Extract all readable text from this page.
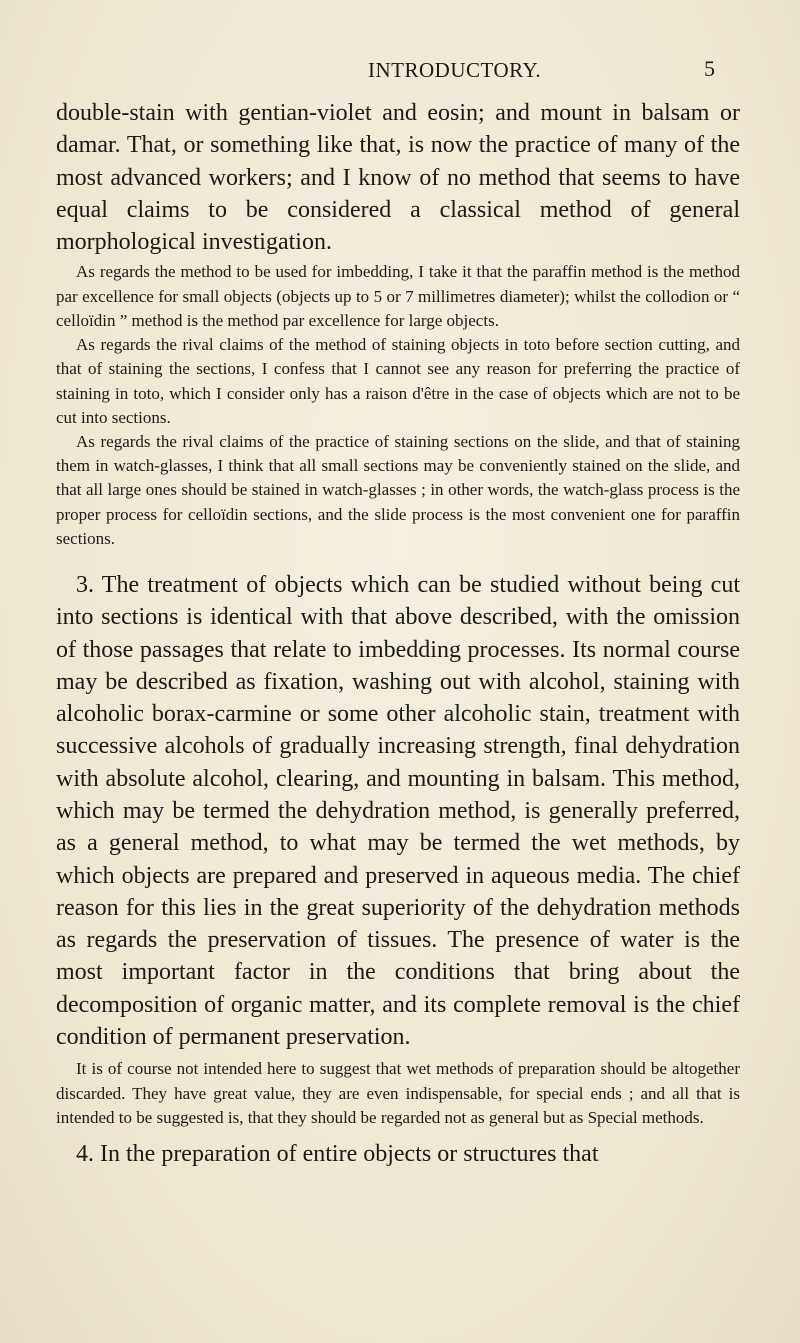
INTRODUCTORY.	5

double-stain with gentian-violet and eosin; and mount in balsam or damar. That, or something like that, is now the practice of many of the most advanced workers; and I know of no method that seems to have equal claims to be considered a classical method of general morphological investigation.

As regards the method to be used for imbedding, I take it that the paraffin method is the method par excellence for small objects (objects up to 5 or 7 millimetres diameter); whilst the collodion or “ celloïdin ” method is the method par excellence for large objects.

As regards the rival claims of the method of staining objects in toto before section cutting, and that of staining the sections, I confess that I cannot see any reason for preferring the practice of staining in toto, which I consider only has a raison d'être in the case of objects which are not to be cut into sections.

As regards the rival claims of the practice of staining sections on the slide, and that of staining them in watch-glasses, I think that all small sections may be conveniently stained on the slide, and that all large ones should be stained in watch-glasses ; in other words, the watch-glass process is the proper process for celloïdin sections, and the slide process is the most convenient one for paraffin sections.

3. The treatment of objects which can be studied without being cut into sections is identical with that above described, with the omission of those passages that relate to imbedding processes. Its normal course may be described as fixation, washing out with alcohol, staining with alcoholic borax-carmine or some other alcoholic stain, treatment with successive alcohols of gradually increasing strength, final dehydration with absolute alcohol, clearing, and mounting in balsam. This method, which may be termed the dehydration method, is generally preferred, as a general method, to what may be termed the wet methods, by which objects are prepared and preserved in aqueous media. The chief reason for this lies in the great superiority of the dehydration methods as regards the preservation of tissues. The presence of water is the most important factor in the conditions that bring about the decomposition of organic matter, and its complete removal is the chief condition of permanent preservation.

It is of course not intended here to suggest that wet methods of preparation should be altogether discarded. They have great value, they are even indispensable, for special ends ; and all that is intended to be suggested is, that they should be regarded not as general but as Special methods.

4. In the preparation of entire objects or structures that
